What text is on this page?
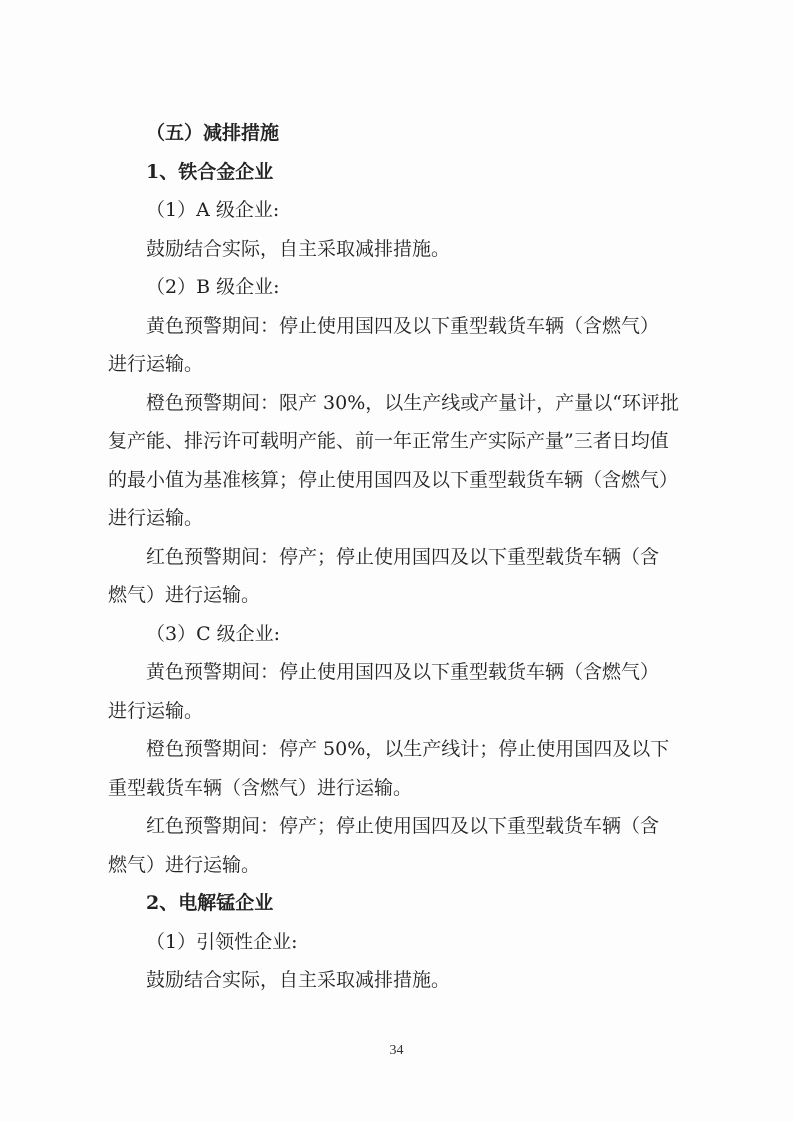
（五）减排措施

1、铁合金企业

（1）A 级企业:

鼓励结合实际，自主采取减排措施。

（2）B 级企业:

黄色预警期间：停止使用国四及以下重型载货车辆（含燃气）

进行运输。

橙色预警期间：限产 30%，以生产线或产量计，产量以“环评批

复产能、排污许可载明产能、前一年正常生产实际产量”三者日均值

的最小值为基准核算；停止使用国四及以下重型载货车辆（含燃气）

进行运输。

红色预警期间：停产；停止使用国四及以下重型载货车辆（含

燃气）进行运输。

（3）C 级企业:

黄色预警期间：停止使用国四及以下重型载货车辆（含燃气）

进行运输。

橙色预警期间：停产 50%，以生产线计；停止使用国四及以下

重型载货车辆（含燃气）进行运输。

红色预警期间：停产；停止使用国四及以下重型载货车辆（含

燃气）进行运输。

2、电解锰企业

（1）引领性企业:

鼓励结合实际，自主采取减排措施。

34
